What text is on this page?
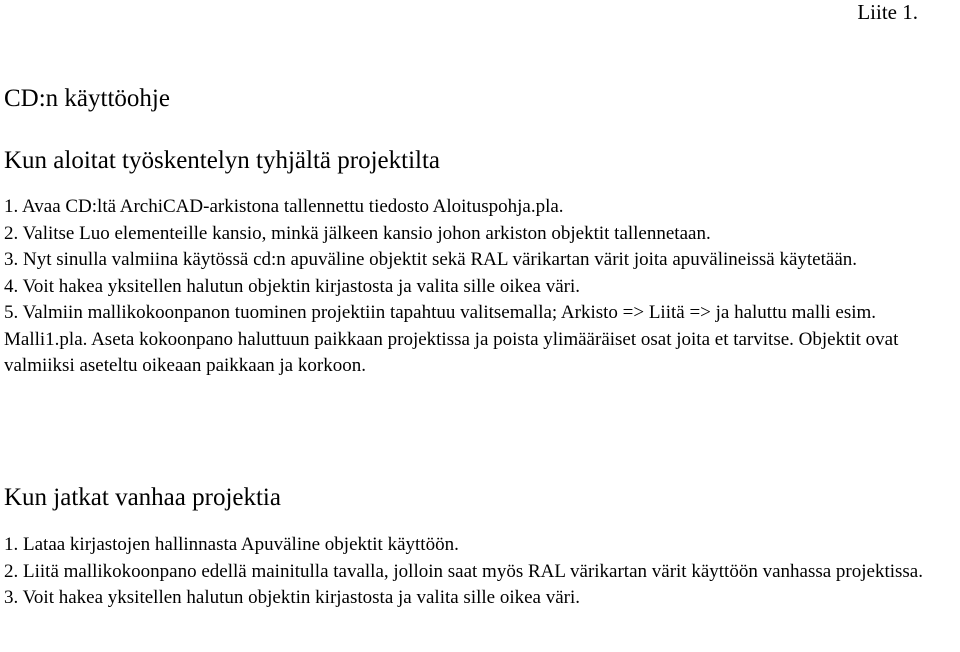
Liite 1.
CD:n käyttöohje
Kun aloitat työskentelyn tyhjältä projektilta
1. Avaa CD:ltä ArchiCAD-arkistona tallennettu tiedosto Aloituspohja.pla.
2. Valitse Luo elementeille kansio, minkä jälkeen kansio johon arkiston objektit tallennetaan.
3. Nyt sinulla valmiina käytössä cd:n apuväline objektit sekä RAL värikartan värit joita apuvälineissä käytetään.
4. Voit hakea yksitellen halutun objektin kirjastosta ja valita sille oikea väri.
5. Valmiin mallikokoonpanon tuominen projektiin tapahtuu valitsemalla; Arkisto => Liitä => ja haluttu malli esim. Malli1.pla. Aseta kokoonpano haluttuun paikkaan projektissa ja poista ylimääräiset osat joita et tarvitse. Objektit ovat valmiiksi aseteltu oikeaan paikkaan ja korkoon.
Kun jatkat vanhaa projektia
1. Lataa kirjastojen hallinnasta Apuväline objektit käyttöön.
2. Liitä mallikokoonpano edellä mainitulla tavalla, jolloin saat myös RAL värikartan värit käyttöön vanhassa projektissa.
3. Voit hakea yksitellen halutun objektin kirjastosta ja valita sille oikea väri.
